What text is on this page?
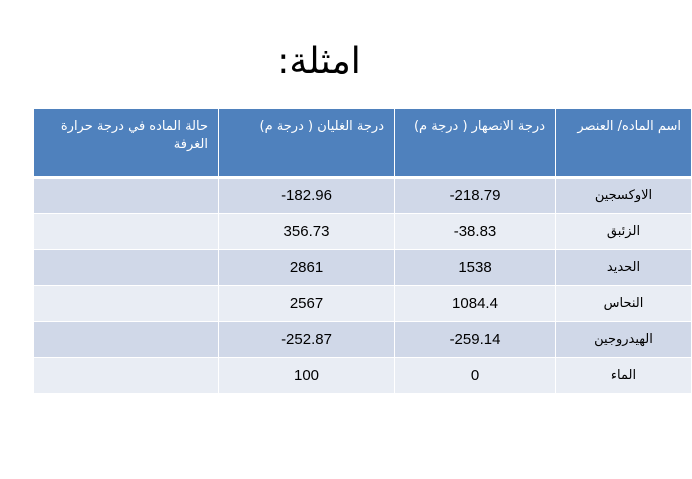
امثلة:
اسم الماده/ العنصر	درجة الانصهار ( درجة م)	درجة الغليان ( درجة م)	حالة الماده في درجة حرارة الغرفة
الاوكسجين	-218.79	-182.96	
الزئبق	-38.83	356.73	
الحديد	1538	2861	
النحاس	1084.4	2567	
الهيدروجين	-259.14	-252.87	
الماء	0	100	
